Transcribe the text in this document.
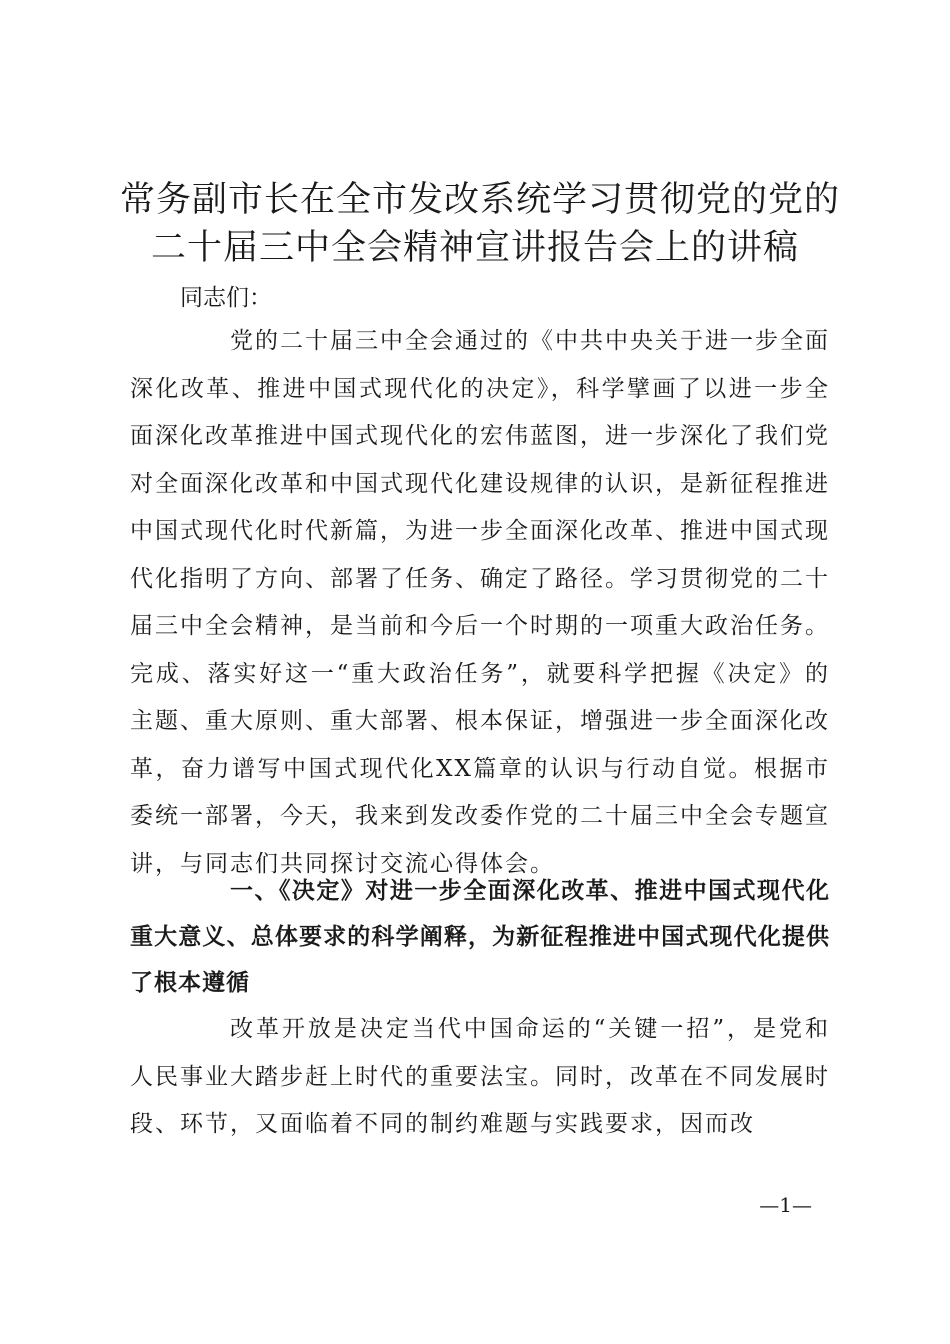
常务副市长在全市发改系统学习贯彻党的党的
二十届三中全会精神宣讲报告会上的讲稿
同志们：
党的二十届三中全会通过的《中共中央关于进一步全面深化改革、推进中国式现代化的决定》，科学擘画了以进一步全面深化改革推进中国式现代化的宏伟蓝图，进一步深化了我们党对全面深化改革和中国式现代化建设规律的认识，是新征程推进中国式现代化时代新篇，为进一步全面深化改革、推进中国式现代化指明了方向、部署了任务、确定了路径。学习贯彻党的二十届三中全会精神，是当前和今后一个时期的一项重大政治任务。完成、落实好这一“重大政治任务”，就要科学把握《决定》的主题、重大原则、重大部署、根本保证，增强进一步全面深化改革，奋力谱写中国式现代化XX篇章的认识与行动自觉。根据市委统一部署，今天，我来到发改委作党的二十届三中全会专题宣讲，与同志们共同探讨交流心得体会。
一、《决定》对进一步全面深化改革、推进中国式现代化重大意义、总体要求的科学阐释，为新征程推进中国式现代化提供了根本遵循
改革开放是决定当代中国命运的“关键一招”，是党和人民事业大踏步赶上时代的重要法宝。同时，改革在不同发展时段、环节，又面临着不同的制约难题与实践要求，因而改
—1—
